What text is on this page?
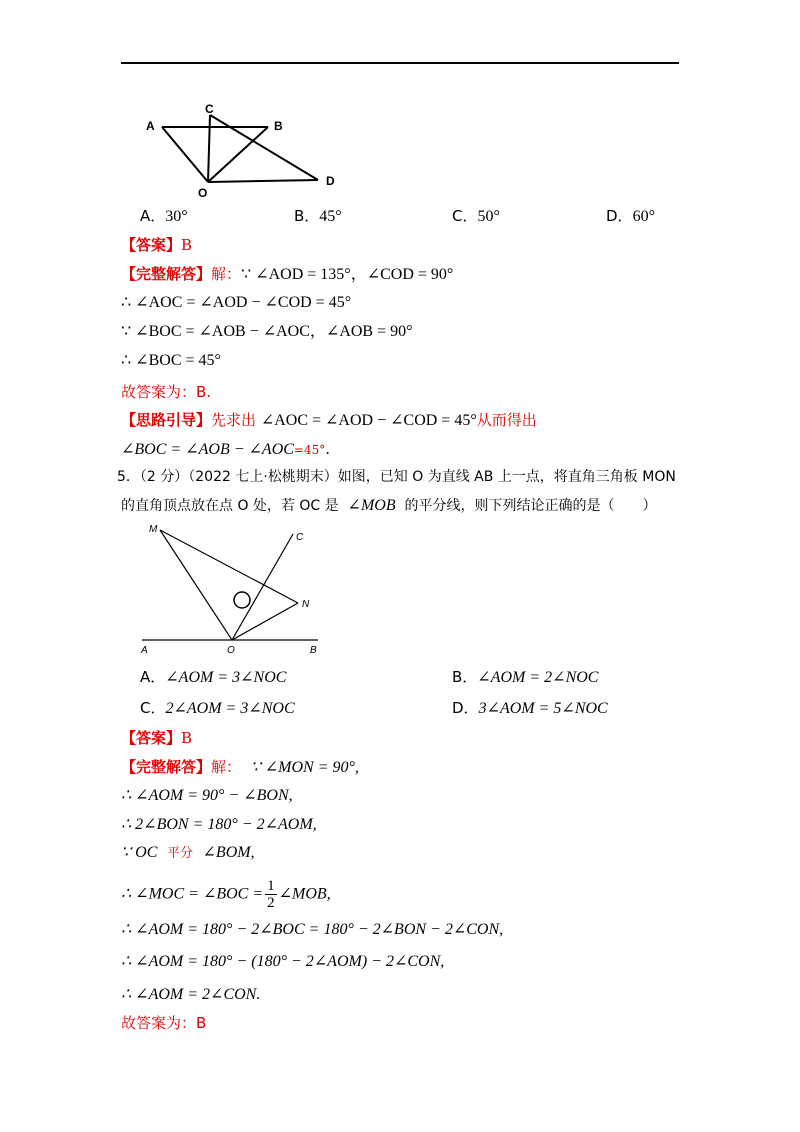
A
C
B
O
D
A．30°	B．45°	C．50°	D．60°
【答案】B
【完整解答】解：∵ ∠AOD = 135°，∠COD = 90°
∴ ∠AOC = ∠AOD − ∠COD = 45°
∵ ∠BOC = ∠AOB − ∠AOC，∠AOB = 90°
∴ ∠BOC = 45°
故答案为：B.
【思路引导】先求出 ∠AOC = ∠AOD − ∠COD = 45°从而得出
∠BOC = ∠AOB − ∠AOC=45°.
5．（2 分）（2022 七上·松桃期末）如图，已知 O 为直线 AB 上一点，将直角三角板 MON
的直角顶点放在点 O 处，若 OC 是 ∠MOB 的平分线，则下列结论正确的是（　　）
M
C
N
A	O	B
A．∠AOM = 3∠NOC	B．∠AOM = 2∠NOC
C．2∠AOM = 3∠NOC	D．3∠AOM = 5∠NOC
【答案】B
【完整解答】解： ∵ ∠MON = 90°,
∴ ∠AOM = 90° − ∠BON,
∴ 2∠BON = 180° − 2∠AOM,
∵ OC 平分 ∠BOM,
∴ ∠MOC = ∠BOC = $\frac{1}{2}$ ∠MOB,
∴ ∠AOM = 180° − 2∠BOC = 180° − 2∠BON − 2∠CON,
∴ ∠AOM = 180° − (180° − 2∠AOM) − 2∠CON,
∴ ∠AOM = 2∠CON.
故答案为：B
